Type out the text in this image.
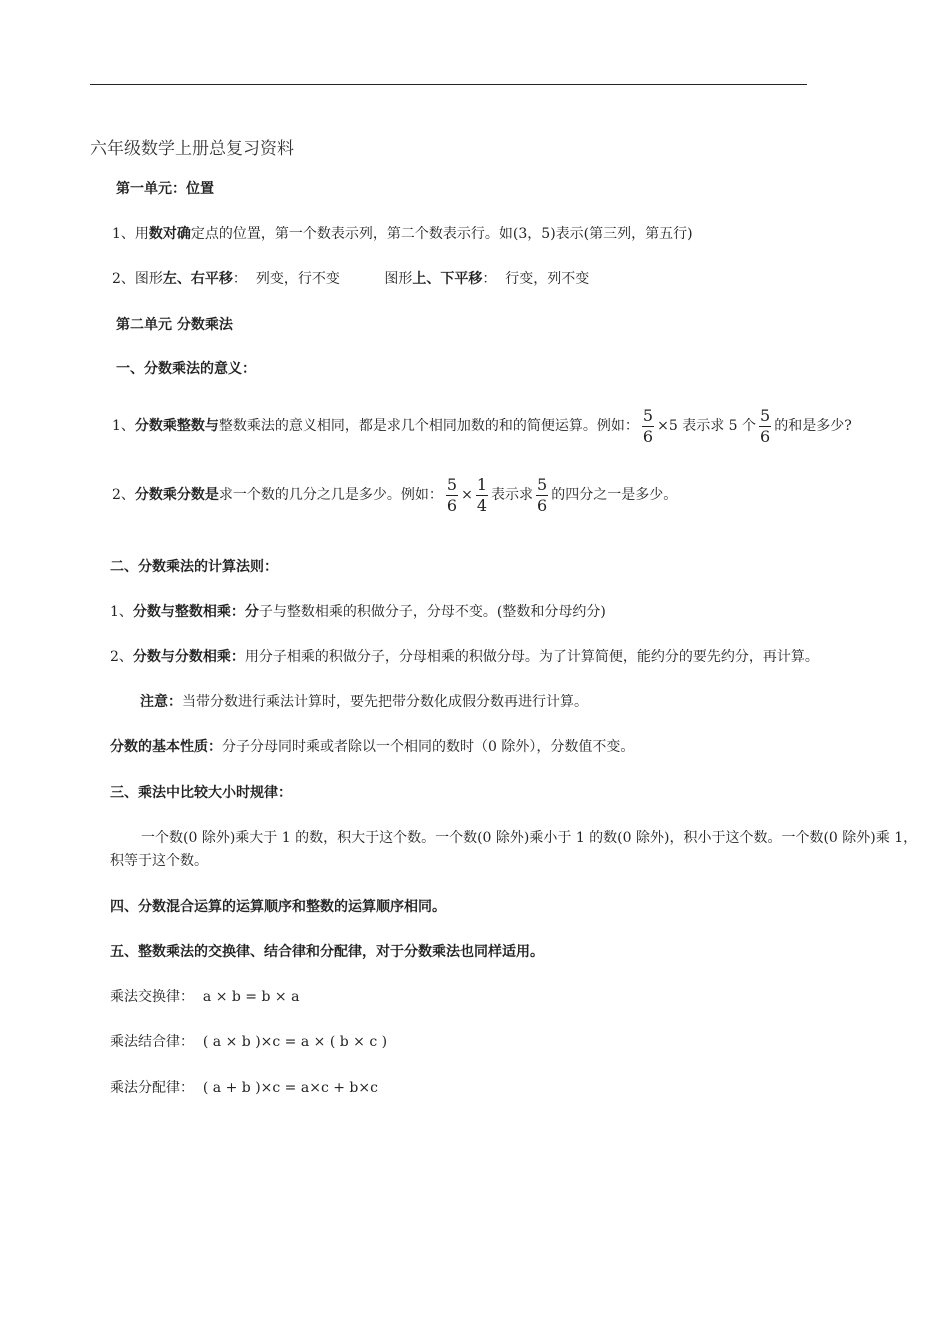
六年级数学上册总复习资料
第一单元：位置
1、用数对确定点的位置，第一个数表示列，第二个数表示行。如(3，5)表示(第三列，第五行)
2、图形左、右平移：  列变，行不变          图形上、下平移：  行变，列不变
第二单元 分数乘法
一、分数乘法的意义：
1、分数乘整数与整数乘法的意义相同，都是求几个相同加数的和的简便运算。例如： $\frac{5}{6} \times 5$ 表示求 5 个 $\frac{5}{6}$ 的和是多少?
2、分数乘分数是求一个数的几分之几是多少。例如： $\frac{5}{6} \times \frac{1}{4}$ 表示求 $\frac{5}{6}$ 的四分之一是多少。
二、分数乘法的计算法则：
1、分数与整数相乘：分子与整数相乘的积做分子，分母不变。(整数和分母约分)
2、分数与分数相乘：用分子相乘的积做分子，分母相乘的积做分母。为了计算简便，能约分的要先约分，再计算。
注意：当带分数进行乘法计算时，要先把带分数化成假分数再进行计算。
分数的基本性质：分子分母同时乘或者除以一个相同的数时（0 除外），分数值不变。
三、乘法中比较大小时规律：
一个数(0 除外)乘大于 1 的数，积大于这个数。一个数(0 除外)乘小于 1 的数(0 除外)，积小于这个数。一个数(0 除外)乘 1，积等于这个数。
四、分数混合运算的运算顺序和整数的运算顺序相同。
五、整数乘法的交换律、结合律和分配律，对于分数乘法也同样适用。
乘法交换律：  a × b = b × a
乘法结合律：  ( a × b )×c = a × ( b × c )
乘法分配律：  ( a + b )×c = a×c + b×c
